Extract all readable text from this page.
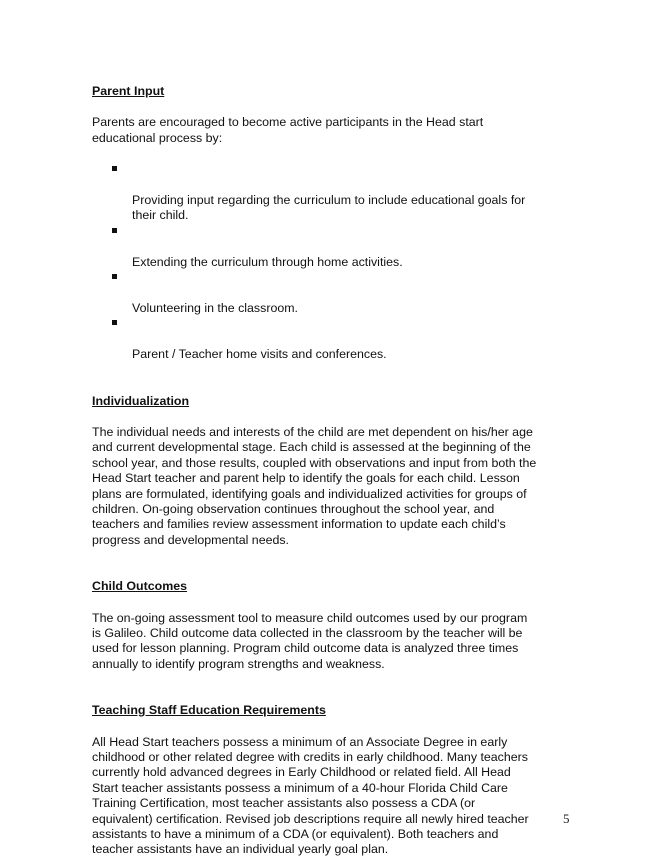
Parent Input

Parents are encouraged to become active participants in the Head start
educational process by:

Providing input regarding the curriculum to include educational goals for
their child.

Extending the curriculum through home activities.

Volunteering in the classroom.

Parent / Teacher home visits and conferences.

Individualization

The individual needs and interests of the child are met dependent on his/her age
and current developmental stage. Each child is assessed at the beginning of the
school year, and those results, coupled with observations and input from both the
Head Start teacher and parent help to identify the goals for each child. Lesson
plans are formulated, identifying goals and individualized activities for groups of
children. On-going observation continues throughout the school year, and
teachers and families review assessment information to update each child’s
progress and developmental needs.

Child Outcomes

The on-going assessment tool to measure child outcomes used by our program
is Galileo. Child outcome data collected in the classroom by the teacher will be
used for lesson planning. Program child outcome data is analyzed three times
annually to identify program strengths and weakness.

Teaching Staff Education Requirements

All Head Start teachers possess a minimum of an Associate Degree in early
childhood or other related degree with credits in early childhood. Many teachers
currently hold advanced degrees in Early Childhood or related field. All Head
Start teacher assistants possess a minimum of a 40-hour Florida Child Care
Training Certification, most teacher assistants also possess a CDA (or
equivalent) certification. Revised job descriptions require all newly hired teacher
assistants to have a minimum of a CDA (or equivalent). Both teachers and
teacher assistants have an individual yearly goal plan.

5
